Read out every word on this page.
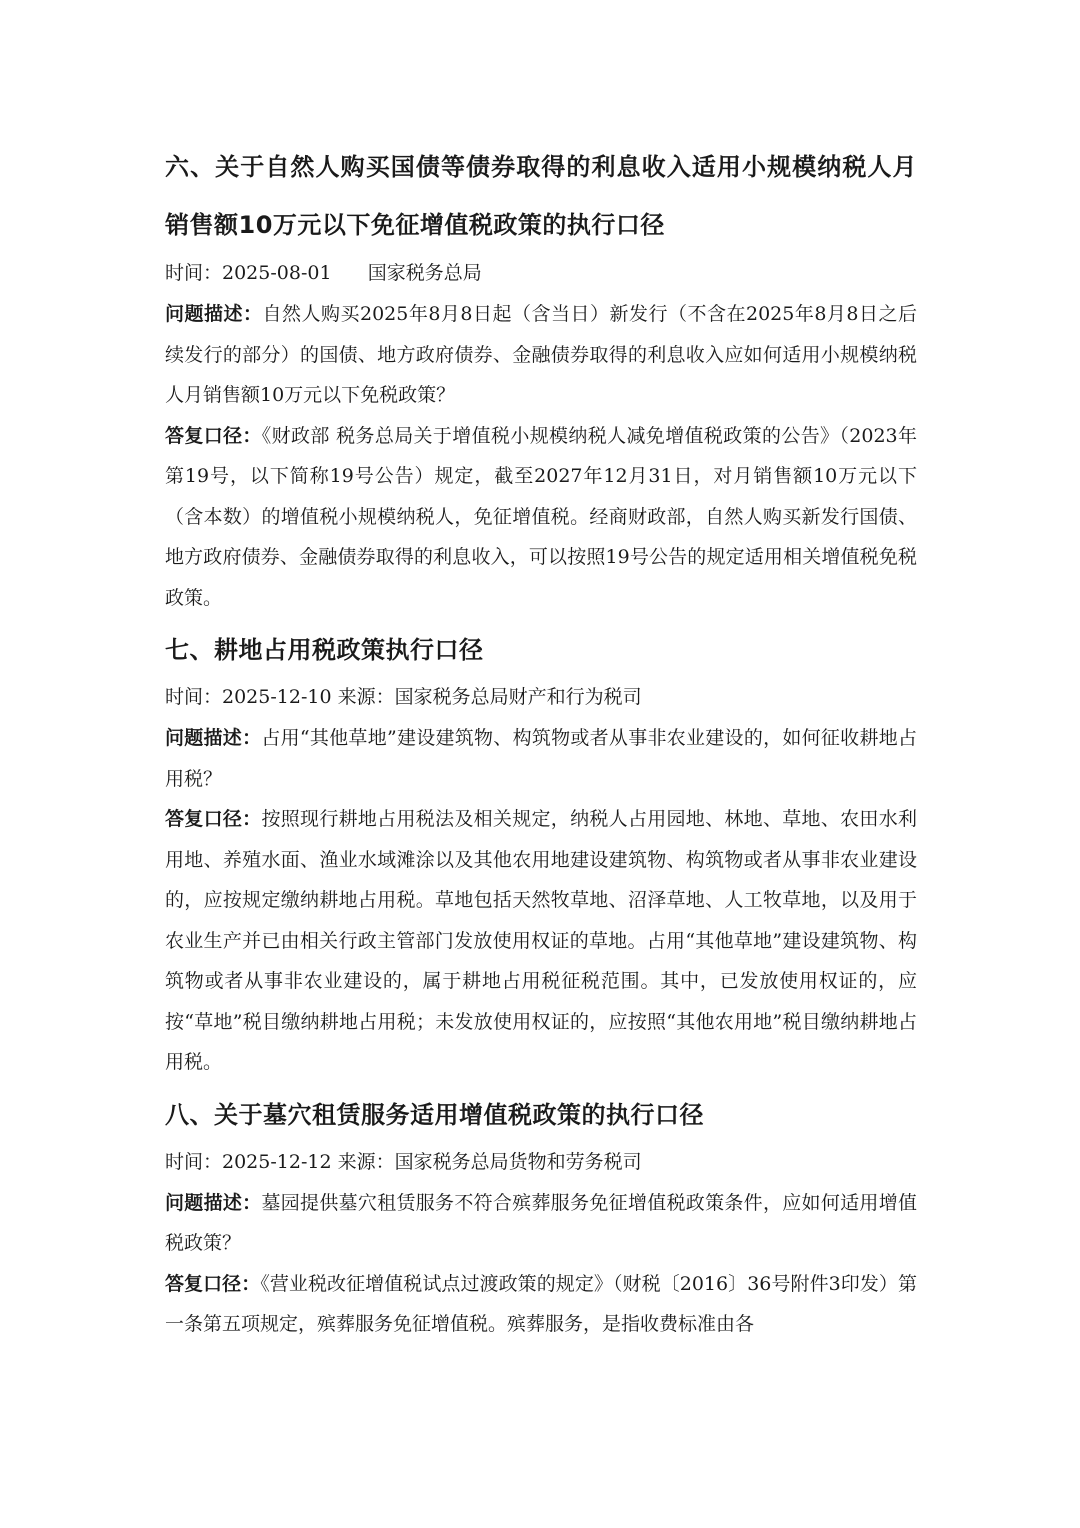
六、关于自然人购买国债等债券取得的利息收入适用小规模纳税人月销售额10万元以下免征增值税政策的执行口径
时间：2025-08-01      国家税务总局

问题描述：自然人购买2025年8月8日起（含当日）新发行（不含在2025年8月8日之后续发行的部分）的国债、地方政府债券、金融债券取得的利息收入应如何适用小规模纳税人月销售额10万元以下免税政策？

答复口径：《财政部 税务总局关于增值税小规模纳税人减免增值税政策的公告》（2023年第19号，以下简称19号公告）规定，截至2027年12月31日，对月销售额10万元以下（含本数）的增值税小规模纳税人，免征增值税。经商财政部，自然人购买新发行国债、地方政府债券、金融债券取得的利息收入，可以按照19号公告的规定适用相关增值税免税政策。

七、耕地占用税政策执行口径
时间：2025-12-10 来源：国家税务总局财产和行为税司

问题描述：占用“其他草地”建设建筑物、构筑物或者从事非农业建设的，如何征收耕地占用税？

答复口径：按照现行耕地占用税法及相关规定，纳税人占用园地、林地、草地、农田水利用地、养殖水面、渔业水域滩涂以及其他农用地建设建筑物、构筑物或者从事非农业建设的，应按规定缴纳耕地占用税。草地包括天然牧草地、沼泽草地、人工牧草地，以及用于农业生产并已由相关行政主管部门发放使用权证的草地。占用“其他草地”建设建筑物、构筑物或者从事非农业建设的，属于耕地占用税征税范围。其中，已发放使用权证的，应按“草地”税目缴纳耕地占用税；未发放使用权证的，应按照“其他农用地”税目缴纳耕地占用税。

八、关于墓穴租赁服务适用增值税政策的执行口径
时间：2025-12-12 来源：国家税务总局货物和劳务税司

问题描述：墓园提供墓穴租赁服务不符合殡葬服务免征增值税政策条件，应如何适用增值税政策？

答复口径：《营业税改征增值税试点过渡政策的规定》（财税〔2016〕36号附件3印发）第一条第五项规定，殡葬服务免征增值税。殡葬服务，是指收费标准由各
